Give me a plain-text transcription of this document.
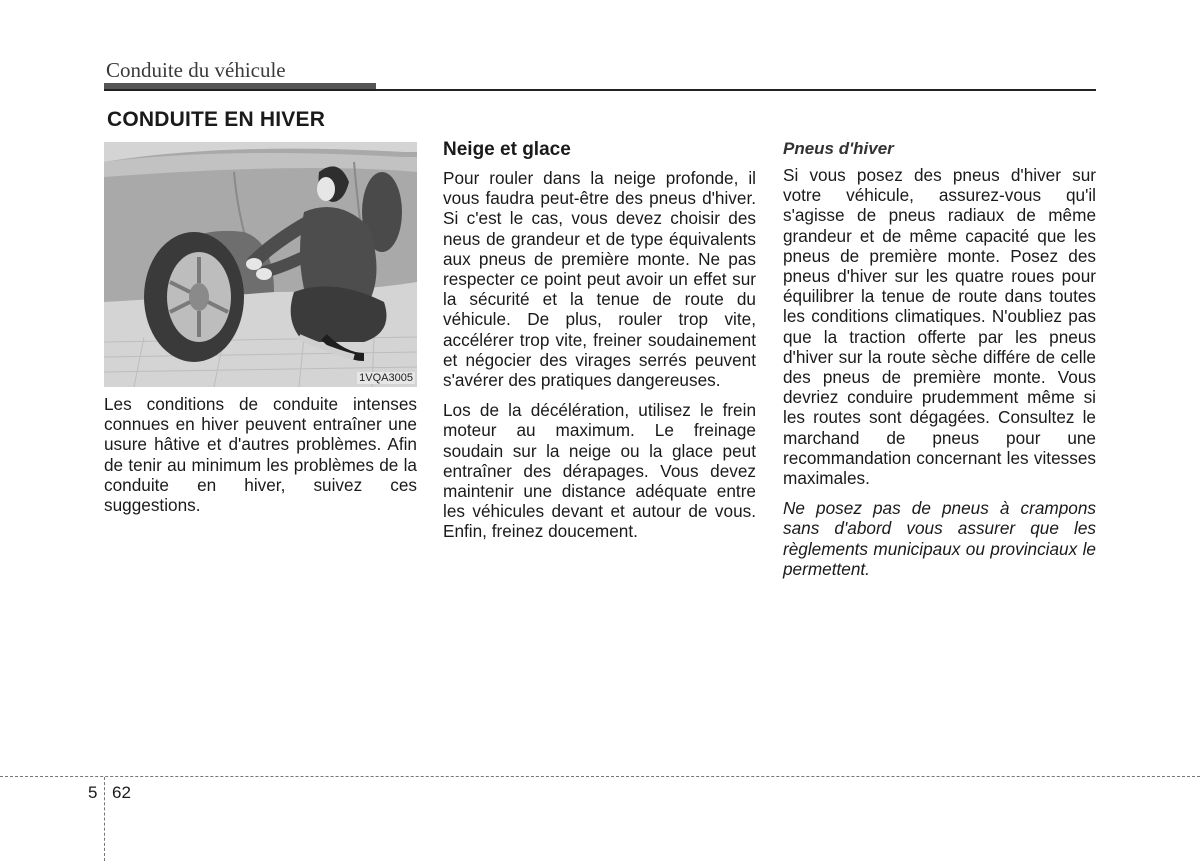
Conduite du véhicule
CONDUITE EN HIVER
1VQA3005

Les conditions de conduite intenses connues en hiver peuvent entraîner une usure hâtive et d'autres problèmes. Afin de tenir au minimum les problèmes de la conduite en hiver, suivez ces suggestions.

Neige et glace

Pour rouler dans la neige profonde, il vous faudra peut-être des pneus d'hiver. Si c'est le cas, vous devez choisir des neus de grandeur et de type équivalents aux pneus de première monte. Ne pas respecter ce point peut avoir un effet sur la sécurité et la tenue de route du véhicule. De plus, rouler trop vite, accélérer trop vite, freiner soudainement et négocier des virages serrés peuvent s'avérer des pratiques dangereuses.

Los de la décélération, utilisez le frein moteur au maximum. Le freinage soudain sur la neige ou la glace peut entraîner des dérapages. Vous devez maintenir une distance adéquate entre les véhicules devant et autour de vous. Enfin, freinez doucement.

Pneus d'hiver

Si vous posez des pneus d'hiver sur votre véhicule, assurez-vous qu'il s'agisse de pneus radiaux de même grandeur et de même capacité que les pneus de première monte. Posez des pneus d'hiver sur les quatre roues pour équilibrer la tenue de route dans toutes les conditions climatiques. N'oubliez pas que la traction offerte par les pneus d'hiver sur la route sèche différe de celle des pneus de première monte. Vous devriez conduire prudemment même si les routes sont dégagées. Consultez le marchand de pneus pour une recommandation concernant les vitesses maximales.

Ne posez pas de pneus à crampons sans d'abord vous assurer que les règlements municipaux ou provinciaux le permettent.

5 62
